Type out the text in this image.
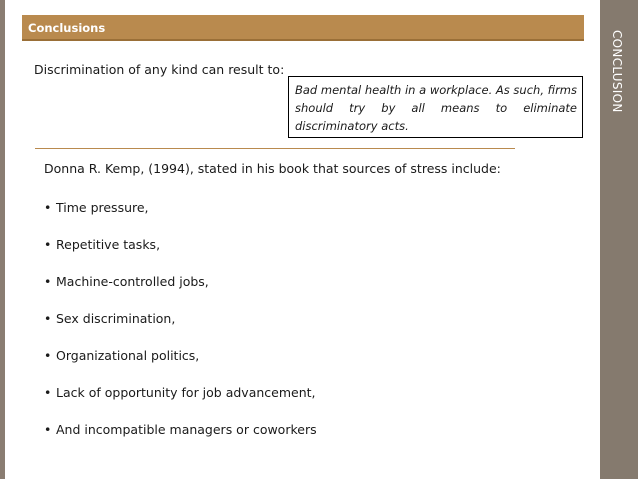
Conclusions
CONCLUSION
Discrimination of any kind can result to:
Bad mental health in a workplace. As such, firms should try by all means to eliminate discriminatory acts.
Donna R. Kemp, (1994), stated in his book that sources of stress include:
• Time pressure,
• Repetitive tasks,
• Machine-controlled jobs,
• Sex discrimination,
• Organizational politics,
• Lack of opportunity for job advancement,
• And incompatible managers or coworkers
